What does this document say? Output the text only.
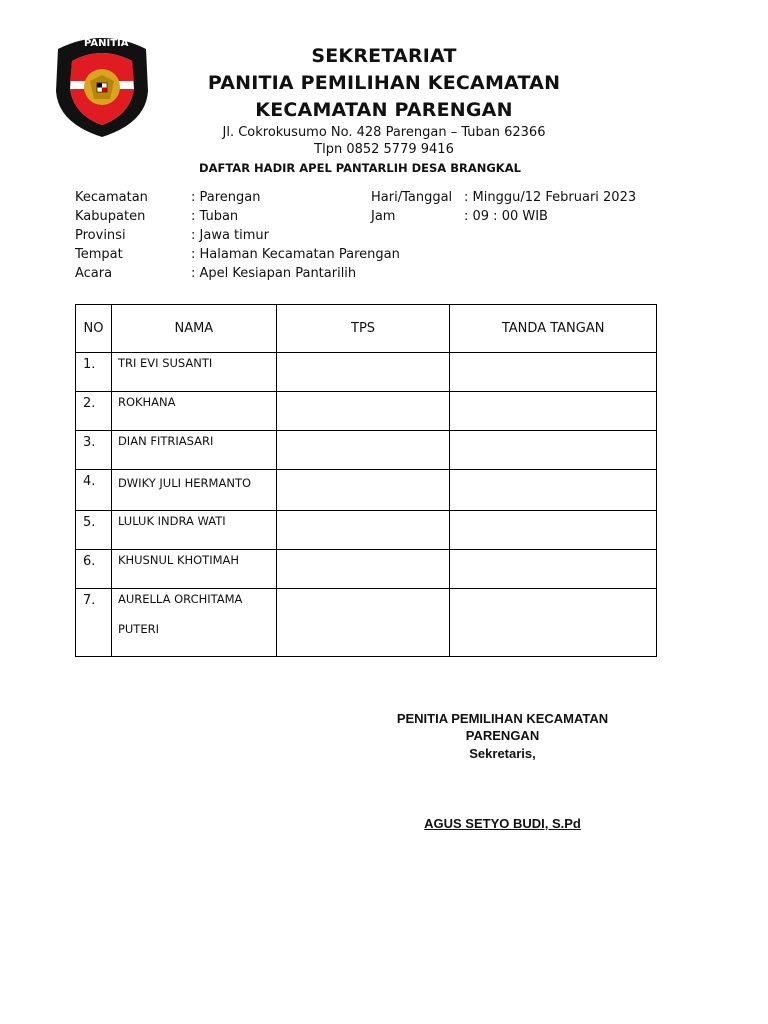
PANITIA
SEKRETARIAT
PANITIA PEMILIHAN KECAMATAN
KECAMATAN PARENGAN
Jl. Cokrokusumo No. 428 Parengan – Tuban 62366
Tlpn 0852 5779 9416
DAFTAR HADIR APEL PANTARLIH DESA BRANGKAL
Kecamatan	: Parengan
Kabupaten	: Tuban
Provinsi	: Jawa timur
Tempat	: Halaman Kecamatan Parengan
Acara	: Apel Kesiapan Pantarilih
Hari/Tanggal : Minggu/12 Februari 2023
Jam	: 09 : 00 WIB
NO	NAMA	TPS	TANDA TANGAN
1.	TRI EVI SUSANTI		
2.	ROKHANA		
3.	DIAN FITRIASARI		
4.	DWIKY JULI HERMANTO		
5.	LULUK INDRA WATI		
6.	KHUSNUL KHOTIMAH		
7.	AURELLA ORCHITAMA
PUTERI		

PENITIA PEMILIHAN KECAMATAN
PARENGAN
Sekretaris,
AGUS SETYO BUDI, S.Pd
